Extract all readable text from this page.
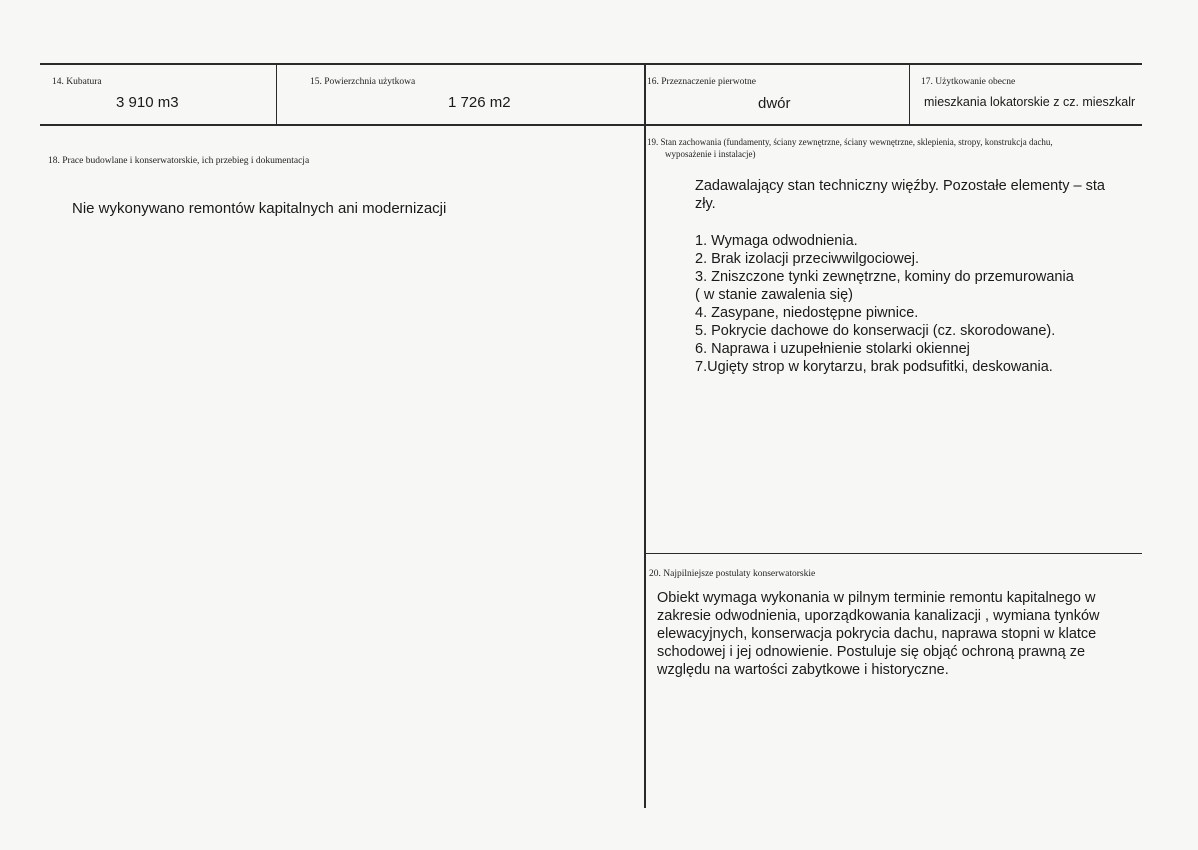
14. Kubatura
3 910 m3
15. Powierzchnia użytkowa
1 726 m2
16. Przeznaczenie pierwotne
dwór
17. Użytkowanie obecne
mieszkania lokatorskie z cz. mieszkalr
18. Prace budowlane i konserwatorskie, ich przebieg i dokumentacja
Nie wykonywano remontów kapitalnych ani modernizacji
19. Stan zachowania (fundamenty, ściany zewnętrzne, ściany wewnętrzne, sklepienia, stropy, konstrukcja dachu,
wyposażenie i instalacje)
Zadawalający stan techniczny więźby. Pozostałe elementy – sta
zły.
1. Wymaga odwodnienia.
2. Brak izolacji przeciwwilgociowej.
3. Zniszczone tynki zewnętrzne, kominy do przemurowania
( w stanie zawalenia się)
4. Zasypane, niedostępne piwnice.
5. Pokrycie dachowe do konserwacji (cz. skorodowane).
6. Naprawa i uzupełnienie stolarki okiennej
7.Ugięty strop w korytarzu, brak podsufitki, deskowania.
20. Najpilniejsze postulaty konserwatorskie
Obiekt wymaga wykonania w pilnym terminie remontu kapitalnego w
zakresie odwodnienia, uporządkowania kanalizacji , wymiana tynków
elewacyjnych, konserwacja pokrycia dachu, naprawa stopni w klatce
schodowej i jej odnowienie. Postuluje się objąć ochroną prawną ze
względu na wartości zabytkowe i historyczne.
